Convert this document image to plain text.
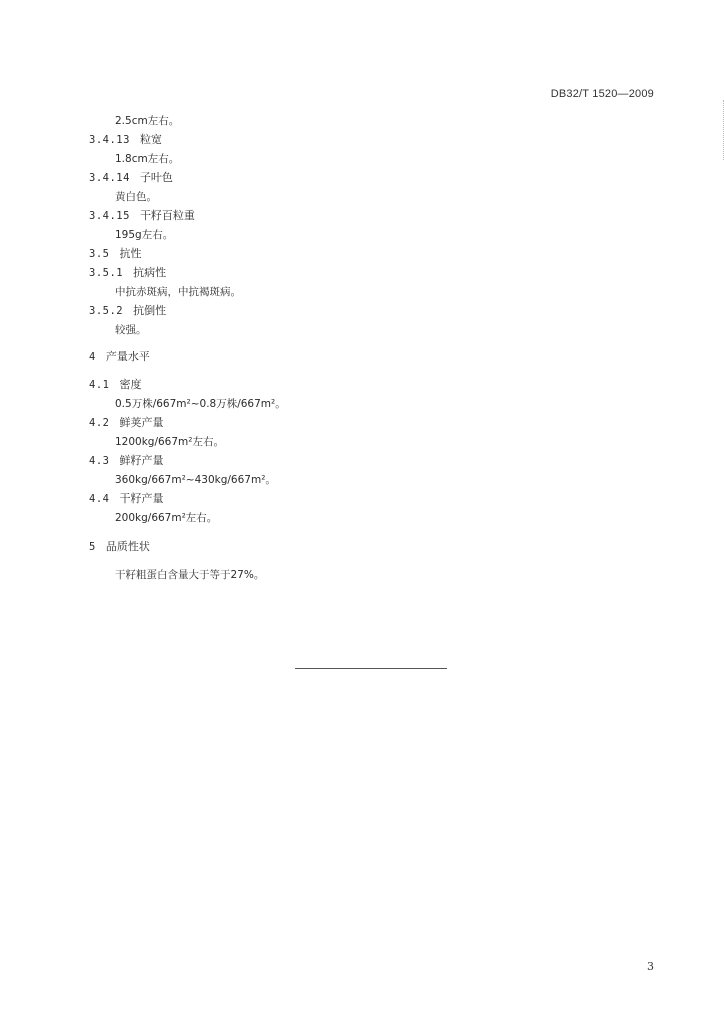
DB32/T 1520—2009
2.5cm左右。
3.4.13 粒宽
1.8cm左右。
3.4.14 子叶色
黄白色。
3.4.15 干籽百粒重
195g左右。
3.5 抗性
3.5.1 抗病性
中抗赤斑病，中抗褐斑病。
3.5.2 抗倒性
较强。
4 产量水平
4.1 密度
0.5万株/667m²~0.8万株/667m²。
4.2 鲜荚产量
1200kg/667m²左右。
4.3 鲜籽产量
360kg/667m²~430kg/667m²。
4.4 干籽产量
200kg/667m²左右。
5 品质性状
干籽粗蛋白含量大于等于27%。
3
